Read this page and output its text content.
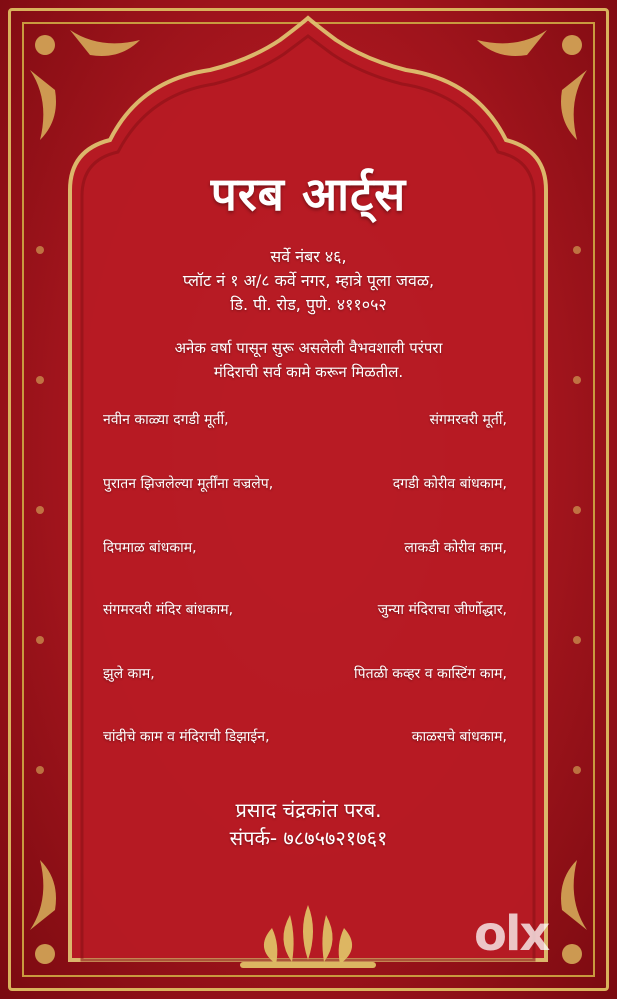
परब आर्ट्स
सर्वे नंबर ४६,
प्लॉट नं १ अ/८ कर्वे नगर, म्हात्रे पूला जवळ,
डि. पी. रोड, पुणे. ४११०५२
अनेक वर्षा पासून सुरू असलेली वैभवशाली परंपरा
मंदिराची सर्व कामे करून मिळतील.
नवीन काळ्या दगडी मूर्ती,	संगमरवरी मूर्ती,
पुरातन झिजलेल्या मूर्तींना वज्रलेप,	दगडी कोरीव बांधकाम,
दिपमाळ बांधकाम,	लाकडी कोरीव काम,
संगमरवरी मंदिर बांधकाम,	जुन्या मंदिराचा जीर्णोद्धार,
झुले काम,	पितळी कव्हर व कास्टिंग काम,
चांदीचे काम व मंदिराची डिझाईन,	काळसचे बांधकाम,
प्रसाद चंद्रकांत परब.
संपर्क- ७८७५७२१७६१
olx
